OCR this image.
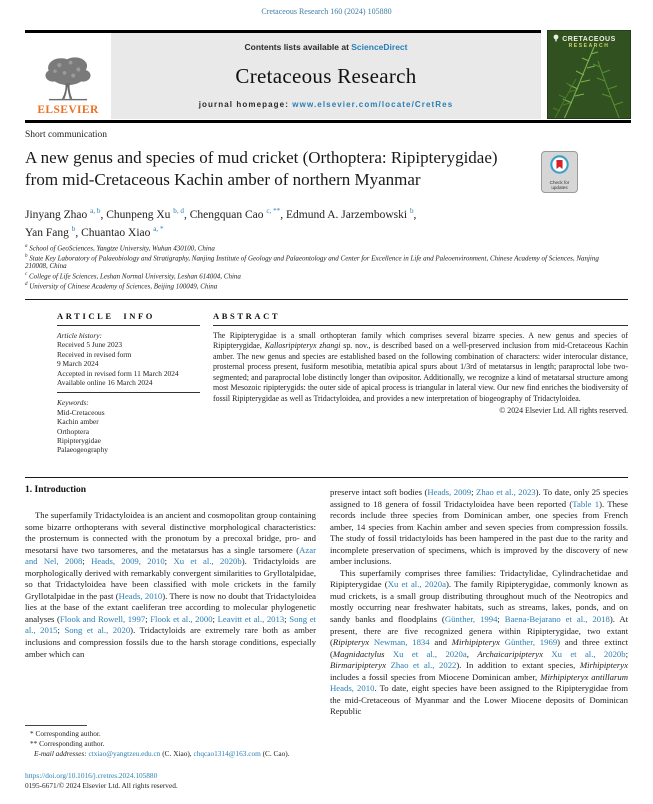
Cretaceous Research 160 (2024) 105880
ELSEVIER
Contents lists available at ScienceDirect
Cretaceous Research
journal homepage: www.elsevier.com/locate/CretRes
CRETACEOUS
RESEARCH
Short communication
A new genus and species of mud cricket (Orthoptera: Ripipterygidae)
from mid-Cretaceous Kachin amber of northern Myanmar	Check for
updates
Jinyang Zhao $^{a, b}$, Chunpeng Xu $^{b, d}$, Chengquan Cao $^{c, **}$, Edmund A. Jarzembowski $^b$,
Yan Fang $^b$, Chuantao Xiao $^{a, *}$
$^a$ School of GeoSciences, Yangtze University, Wuhan 430100, China
$^b$ State Key Laboratory of Palaeobiology and Stratigraphy, Nanjing Institute of Geology and Palaeontology and Center for Excellence in Life and Paleoenvironment, Chinese Academy of Sciences, Nanjing 210008, China
$^c$ College of Life Sciences, Leshan Normal University, Leshan 614004, China
$^d$ University of Chinese Academy of Sciences, Beijing 100049, China
ARTICLE INFO
Article history:
Received 5 June 2023
Received in revised form
9 March 2024
Accepted in revised form 11 March 2024
Available online 16 March 2024
Keywords:
Mid-Cretaceous
Kachin amber
Orthoptera
Ripipterygidae
Palaeogeography
ABSTRACT

The Ripipterygidae is a small orthopteran family which comprises several bizarre species. A new genus and species of Ripipterygidae, Kallosripipteryx zhangi sp. nov., is described based on a well-preserved inclusion from mid-Cretaceous Kachin amber. The new genus and species are established based on the following combination of characters: wider interocular distance, prosternal process present, fusiform mesotibia, metatibia apical spurs about 1/3rd of metatarsus in length; paraproctal lobe two-segmented; and paraproctal lobe distinctly longer than ovipositor. Additionally, we recognize a kind of metatarsal structure among most Mesozoic ripipterygids: the outer side of apical process is triangular in lateral view. Our new find enriches the biodiversity of fossil Ripipterygidae as well as Tridactyloidea, and provides a new interpretation of biogeography of Tridactyloidea.

© 2024 Elsevier Ltd. All rights reserved.
1. Introduction

The superfamily Tridactyloidea is an ancient and cosmopolitan group containing some bizarre orthopterans with several distinctive morphological characteristics: the prosternum is connected with the pronotum by a precoxal bridge, pro- and mesotarsi have two tarsomeres, and the metatarsus has a single tarsomere (Azar and Nel, 2008; Heads, 2009, 2010; Xu et al., 2020b). Tridactyloids are morphologically derived with remarkably convergent similarities to Gryllotalpidae, so that Tridactyloidea have been classified with mole crickets in the family Gryllotalpidae in the past (Heads, 2010). There is now no doubt that Tridactyloidea lies at the base of the extant caeliferan tree according to molecular phylogenetic analyses (Flook and Rowell, 1997; Flook et al., 2000; Leavitt et al., 2013; Song et al., 2015; Song et al., 2020). Tridactyloids are extremely rare both as amber inclusions and compression fossils due to the harsh storage conditions, especially amber which can

preserve intact soft bodies (Heads, 2009; Zhao et al., 2023). To date, only 25 species assigned to 18 genera of fossil Tridactyloidea have been reported (Table 1). These records include three species from Dominican amber, one species from French amber, 14 species from Kachin amber and seven species from compression fossils. The study of fossil tridactyloids has been hampered in the past due to the rarity and incomplete preservation of specimens, which is improved by the discovery of new amber inclusions.

This superfamily comprises three families: Tridactylidae, Cylindrachetidae and Ripipterygidae (Xu et al., 2020a). The family Ripipterygidae, commonly known as mud crickets, is a small group distributing throughout much of the Neotropics and mostly occurring near freshwater habitats, such as streams, lakes, ponds, and on sandy banks and floodplains (Günther, 1994; Baena-Bejarano et al., 2018). At present, there are five recognized genera within Ripipterygidae, two extant (Ripipteryx Newman, 1834 and Mirhipipteryx Günther, 1969) and three extinct (Magnidactylus Xu et al., 2020a, Archaicaripipteryx Xu et al., 2020b; Birmaripipteryx Zhao et al., 2022). In addition to extant species, Mirhipipteryx includes a fossil species from Miocene Dominican amber, Mirhipipteryx antillarum Heads, 2010. To date, eight species have been assigned to the Ripipterygidae from the mid-Cretaceous of Myanmar and the Lower Miocene deposits of Dominican Republic

* Corresponding author.
** Corresponding author.
E-mail addresses: ctxiao@yangtzeu.edu.cn (C. Xiao), chqcao1314@163.com (C. Cao).
https://doi.org/10.1016/j.cretres.2024.105880
0195-6671/© 2024 Elsevier Ltd. All rights reserved.
